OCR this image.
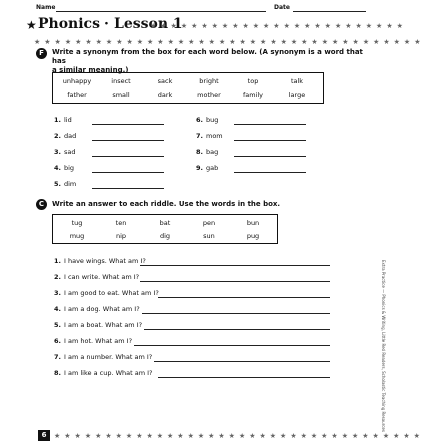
Name	Date
★ Phonics · Lesson 1
★★★★★★★★★★★★★★★★★★★★★★★★★
★★★★★★★★★★★★★★★★★★★★★★★★★★★★★★★★★★★★★★
F	Write a synonym from the box for each word below. (A synonym is a word that has
a similar meaning.)
unhappy	insect	sack	bright	top	talk
father	small	dark	mother	family	large
1. lid
2. dad
3. sad
4. big
5. dim
6. bug
7. mom
8. bag
9. gab
C	Write an answer to each riddle. Use the words in the box.
tug	ten	bat	pen	bun
mug	nip	dig	sun	pug
1. I have wings. What am I?
2. I can write. What am I?
3. I am good to eat. What am I?
4. I am a dog. What am I?
5. I am a boat. What am I?
6. I am hot. What am I?
7. I am a number. What am I?
8. I am like a cup. What am I?	Extra Practice — Phonics & Writing, Little Red Readers, Scholastic Teaching Resources
6	★★★★★★★★★★★★★★★★★★★★★★★★★★★★★★★★★★★★
